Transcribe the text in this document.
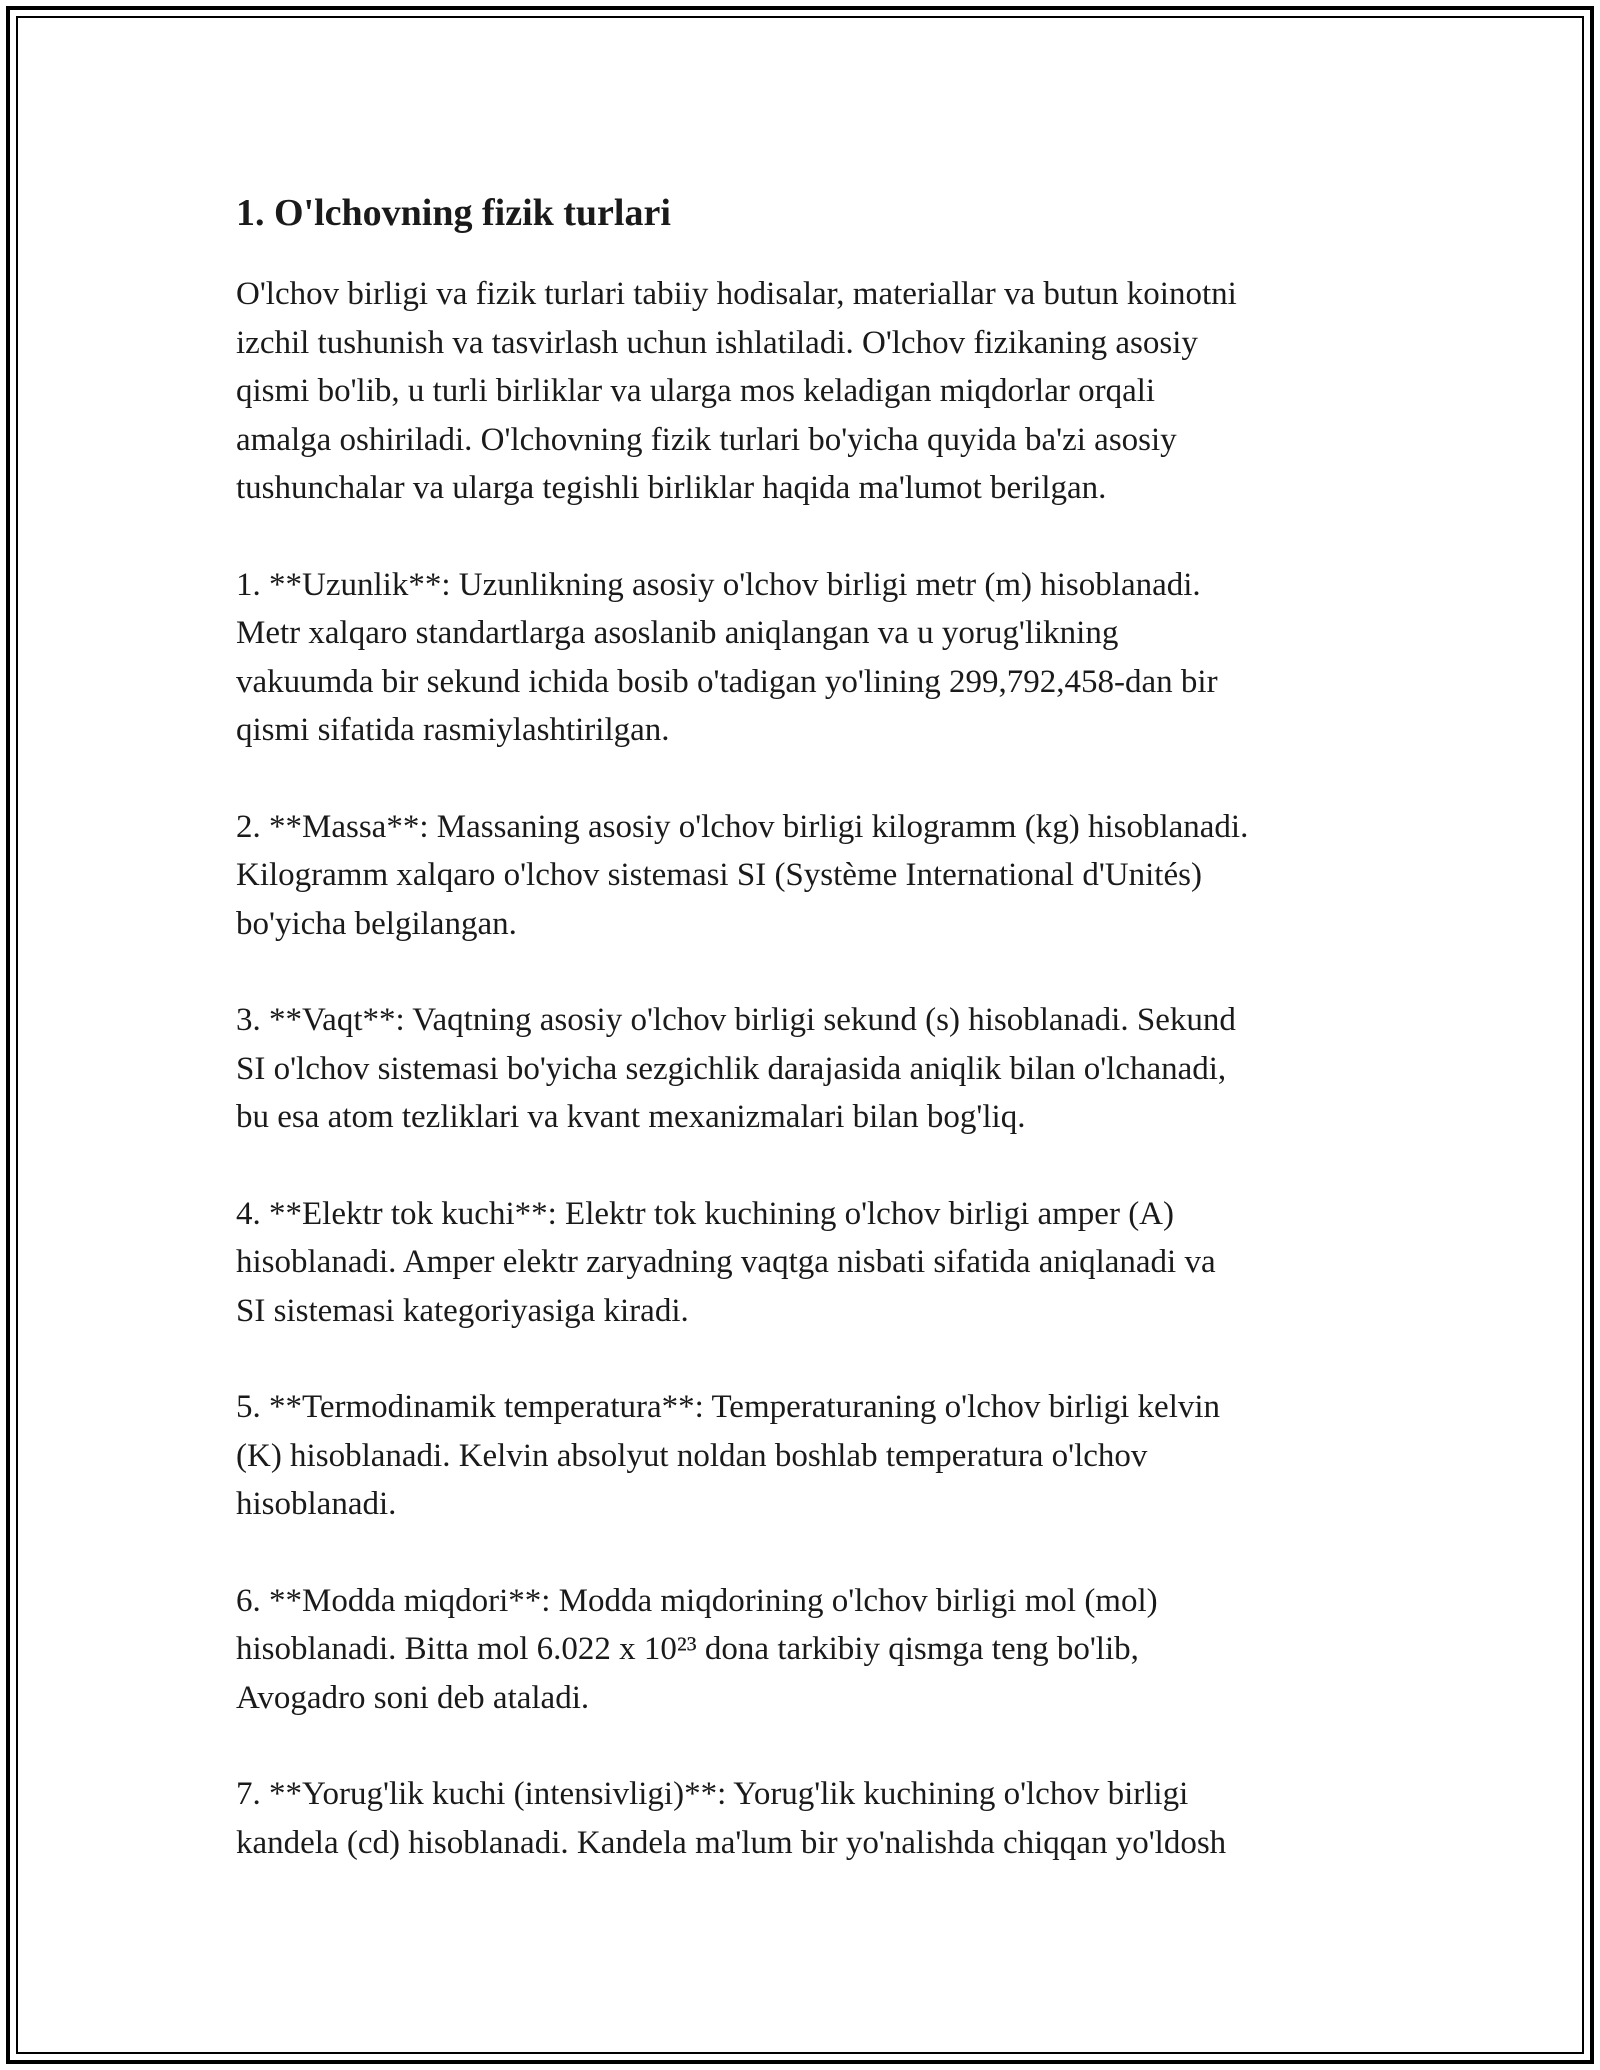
1. O'lchovning fizik turlari
O'lchov birligi va fizik turlari tabiiy hodisalar, materiallar va butun koinotni
izchil tushunish va tasvirlash uchun ishlatiladi. O'lchov fizikaning asosiy
qismi bo'lib, u turli birliklar va ularga mos keladigan miqdorlar orqali
amalga oshiriladi. O'lchovning fizik turlari bo'yicha quyida ba'zi asosiy
tushunchalar va ularga tegishli birliklar haqida ma'lumot berilgan.
1. **Uzunlik**: Uzunlikning asosiy o'lchov birligi metr (m) hisoblanadi.
Metr xalqaro standartlarga asoslanib aniqlangan va u yorug'likning
vakuumda bir sekund ichida bosib o'tadigan yo'lining 299,792,458-dan bir
qismi sifatida rasmiylashtirilgan.
2. **Massa**: Massaning asosiy o'lchov birligi kilogramm (kg) hisoblanadi.
Kilogramm xalqaro o'lchov sistemasi SI (Système International d'Unités)
bo'yicha belgilangan.
3. **Vaqt**: Vaqtning asosiy o'lchov birligi sekund (s) hisoblanadi. Sekund
SI o'lchov sistemasi bo'yicha sezgichlik darajasida aniqlik bilan o'lchanadi,
bu esa atom tezliklari va kvant mexanizmalari bilan bog'liq.
4. **Elektr tok kuchi**: Elektr tok kuchining o'lchov birligi amper (A)
hisoblanadi. Amper elektr zaryadning vaqtga nisbati sifatida aniqlanadi va
SI sistemasi kategoriyasiga kiradi.
5. **Termodinamik temperatura**: Temperaturaning o'lchov birligi kelvin
(K) hisoblanadi. Kelvin absolyut noldan boshlab temperatura o'lchov
hisoblanadi.
6. **Modda miqdori**: Modda miqdorining o'lchov birligi mol (mol)
hisoblanadi. Bitta mol 6.022 x 10²³ dona tarkibiy qismga teng bo'lib,
Avogadro soni deb ataladi.
7. **Yorug'lik kuchi (intensivligi)**: Yorug'lik kuchining o'lchov birligi
kandela (cd) hisoblanadi. Kandela ma'lum bir yo'nalishda chiqqan yo'ldosh
